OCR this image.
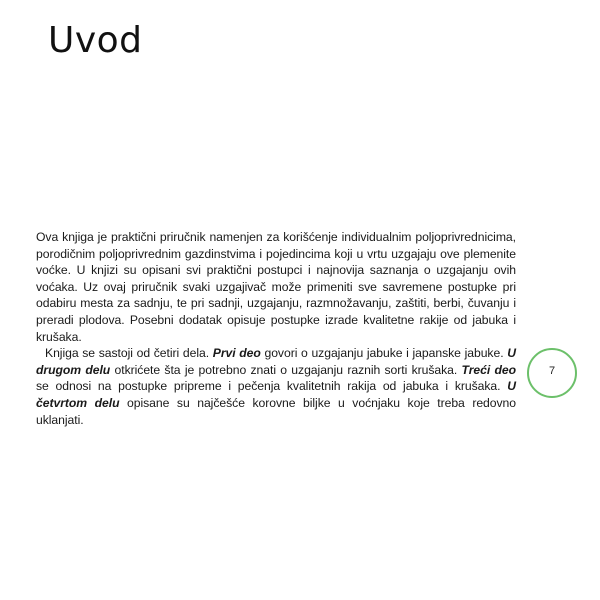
Uvod

Ova knjiga je praktični priručnik namenjen za korišćenje individualnim poljoprivrednicima, porodičnim poljoprivrednim gazdinstvima i pojedincima koji u vrtu uzgajaju ove plemenite voćke. U knjizi su opisani svi praktični postupci i najnovija saznanja o uzgajanju ovih voćaka. Uz ovaj priručnik svaki uzgajivač može primeniti sve savremene postupke pri odabiru mesta za sadnju, te pri sadnji, uzgajanju, razmnožavanju, zaštiti, berbi, čuvanju i preradi plodova. Posebni dodatak opisuje postupke izrade kvalitetne rakije od jabuka i krušaka.

Knjiga se sastoji od četiri dela. Prvi deo govori o uzgajanju jabuke i japanske jabuke. U drugom delu otkrićete šta je potrebno znati o uzgajanju raznih sorti krušaka. Treći deo se odnosi na postupke pripreme i pečenja kvalitetnih rakija od jabuka i krušaka. U četvrtom delu opisane su najčešće korovne biljke u voćnjaku koje treba redovno uklanjati.

7
